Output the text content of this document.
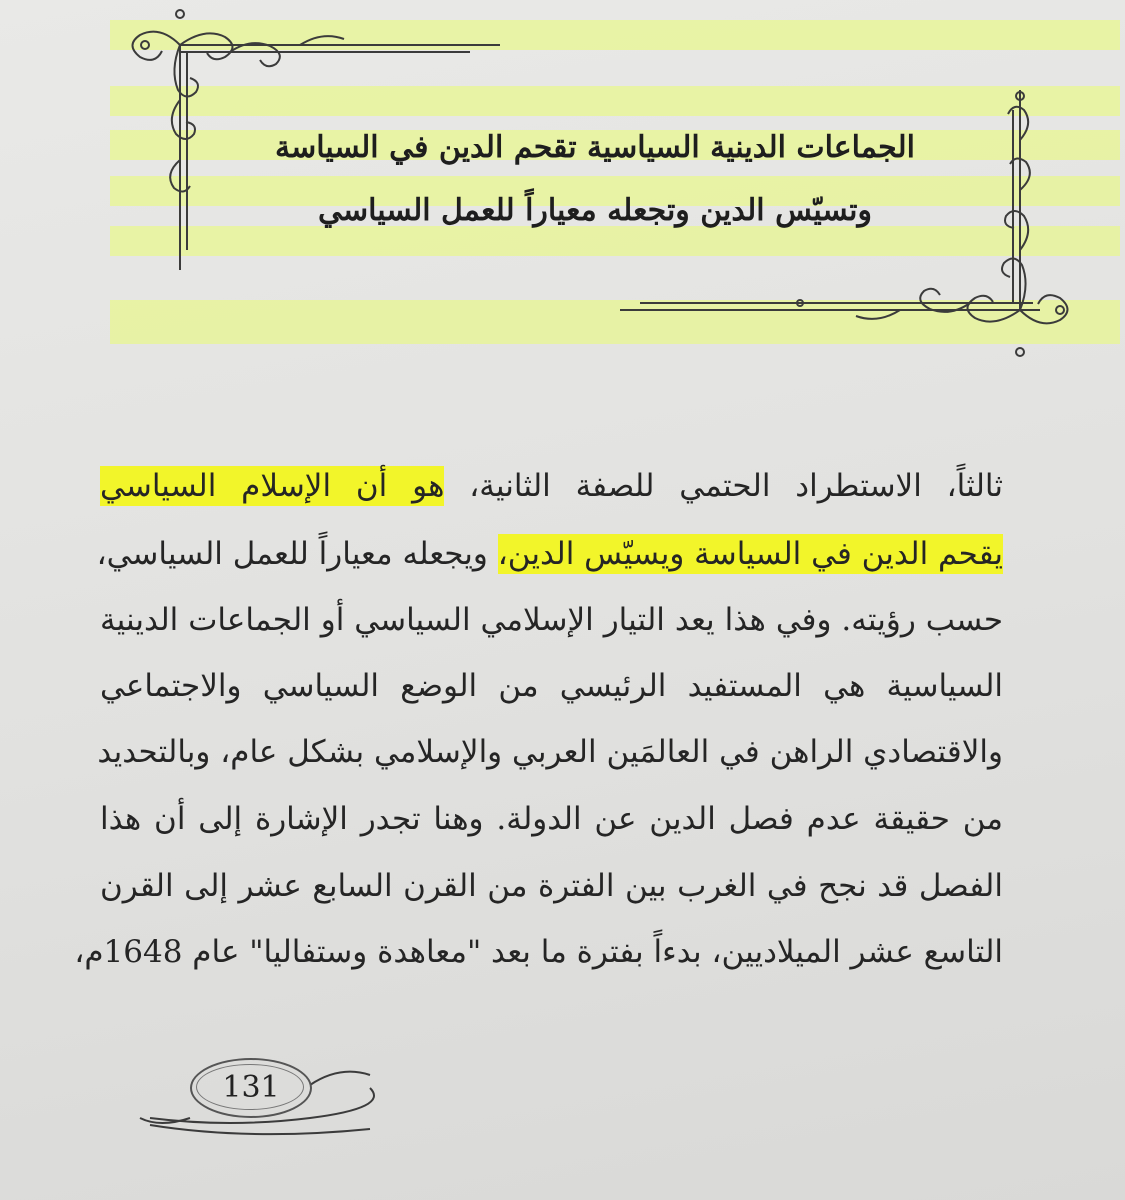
الجماعات الدينية السياسية تقحم الدين في السياسة
وتسيّس الدين وتجعله معياراً للعمل السياسي
ثالثاً، الاستطراد الحتمي للصفة الثانية، هو أن الإسلام السياسي
يقحم الدين في السياسة ويسيّس الدين، ويجعله معياراً للعمل السياسي،
حسب رؤيته. وفي هذا يعد التيار الإسلامي السياسي أو الجماعات الدينية
السياسية هي المستفيد الرئيسي من الوضع السياسي والاجتماعي
والاقتصادي الراهن في العالمَين العربي والإسلامي بشكل عام، وبالتحديد
من حقيقة عدم فصل الدين عن الدولة. وهنا تجدر الإشارة إلى أن هذا
الفصل قد نجح في الغرب بين الفترة من القرن السابع عشر إلى القرن
التاسع عشر الميلاديين، بدءاً بفترة ما بعد "معاهدة وستفاليا" عام 1648م،
131
